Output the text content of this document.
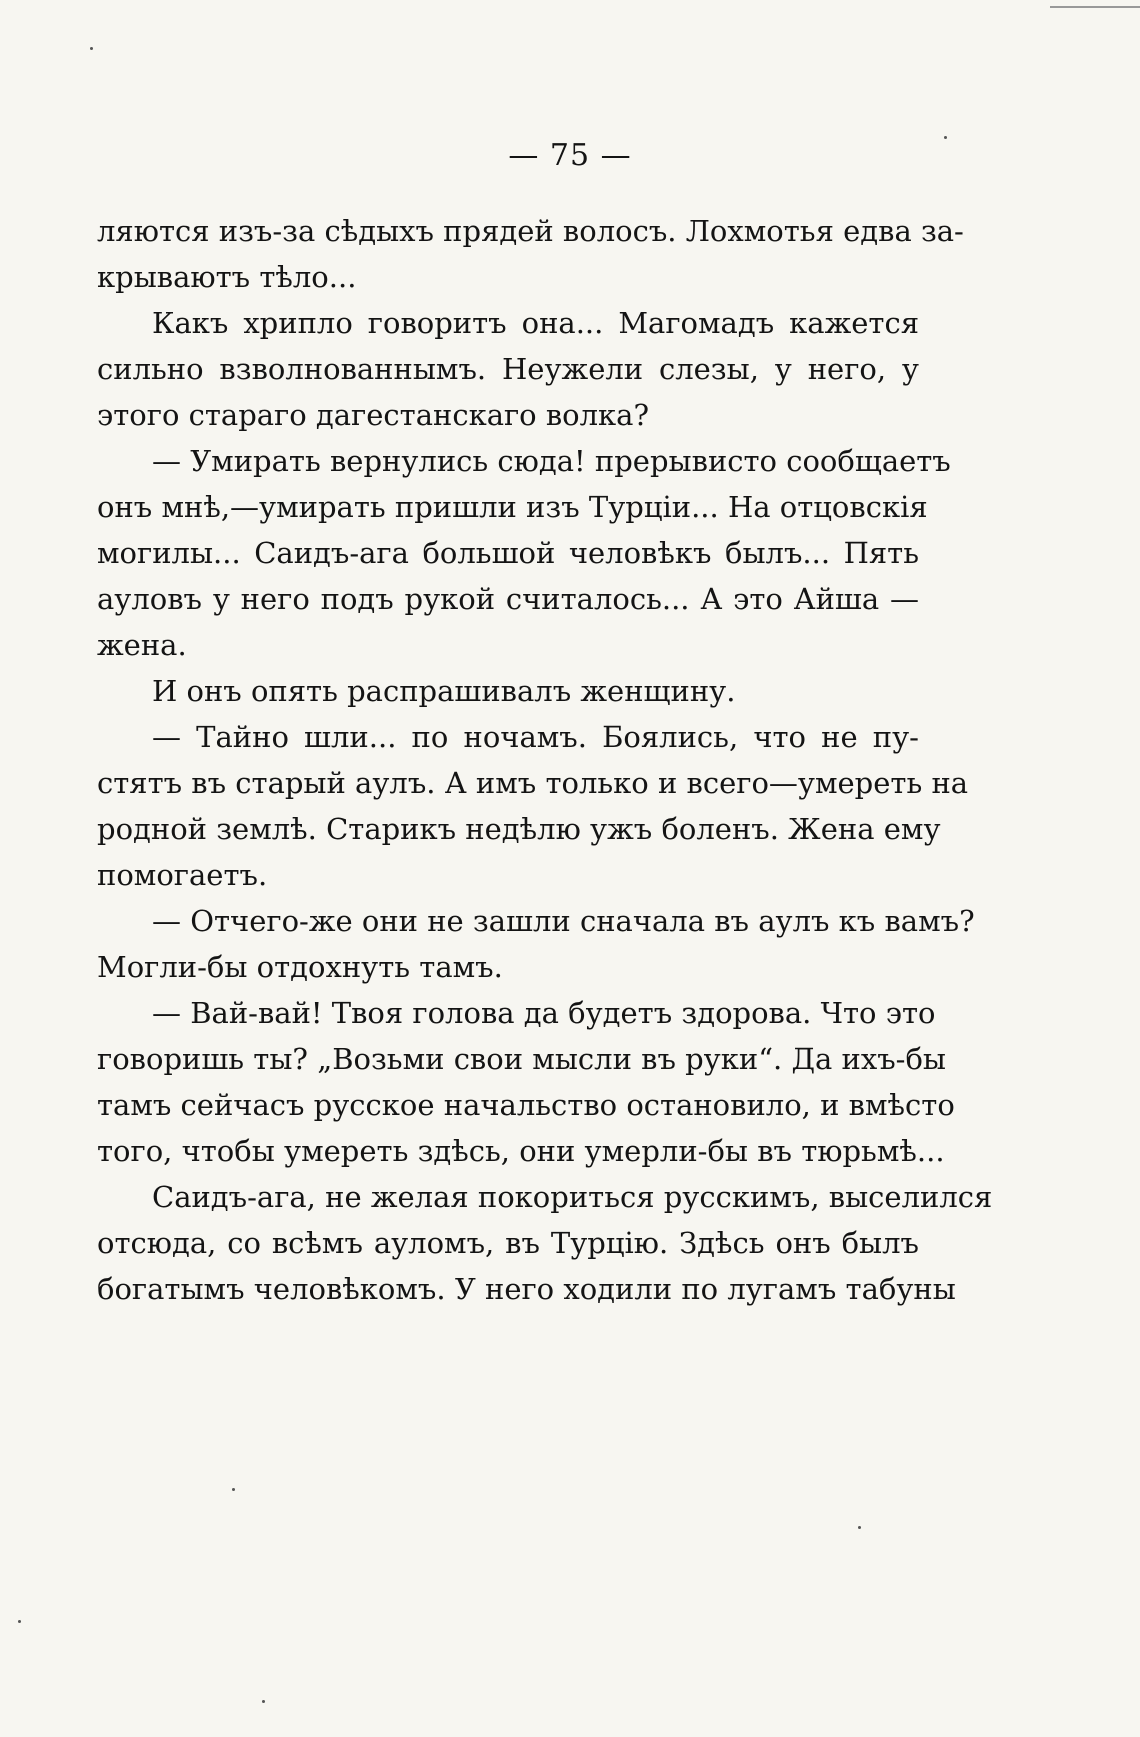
— 75 —
ляются изъ-за сѣдыхъ прядей волосъ. Лохмотья едва за-
крываютъ тѣло...
Какъ хрипло говоритъ она... Магомадъ кажется
сильно взволнованнымъ. Неужели слезы, у него, у
этого стараго дагестанскаго волка?
— Умирать вернулись сюда! прерывисто сообщаетъ
онъ мнѣ,—умирать пришли изъ Турціи... На отцовскія
могилы... Саидъ-ага большой человѣкъ былъ... Пять
ауловъ у него подъ рукой считалось... А это Айша —
жена.
И онъ опять распрашивалъ женщину.
— Тайно шли... по ночамъ. Боялись, что не пу-
стятъ въ старый аулъ. А имъ только и всего—умереть на
родной землѣ. Старикъ недѣлю ужъ боленъ. Жена ему
помогаетъ.
— Отчего-же они не зашли сначала въ аулъ къ вамъ?
Могли-бы отдохнуть тамъ.
— Вай-вай! Твоя голова да будетъ здорова. Что это
говоришь ты? „Возьми свои мысли въ руки“. Да ихъ-бы
тамъ сейчасъ русское начальство остановило, и вмѣсто
того, чтобы умереть здѣсь, они умерли-бы въ тюрьмѣ...
Саидъ-ага, не желая покориться русскимъ, выселился
отсюда, со всѣмъ ауломъ, въ Турцію. Здѣсь онъ былъ
богатымъ человѣкомъ. У него ходили по лугамъ табуны
